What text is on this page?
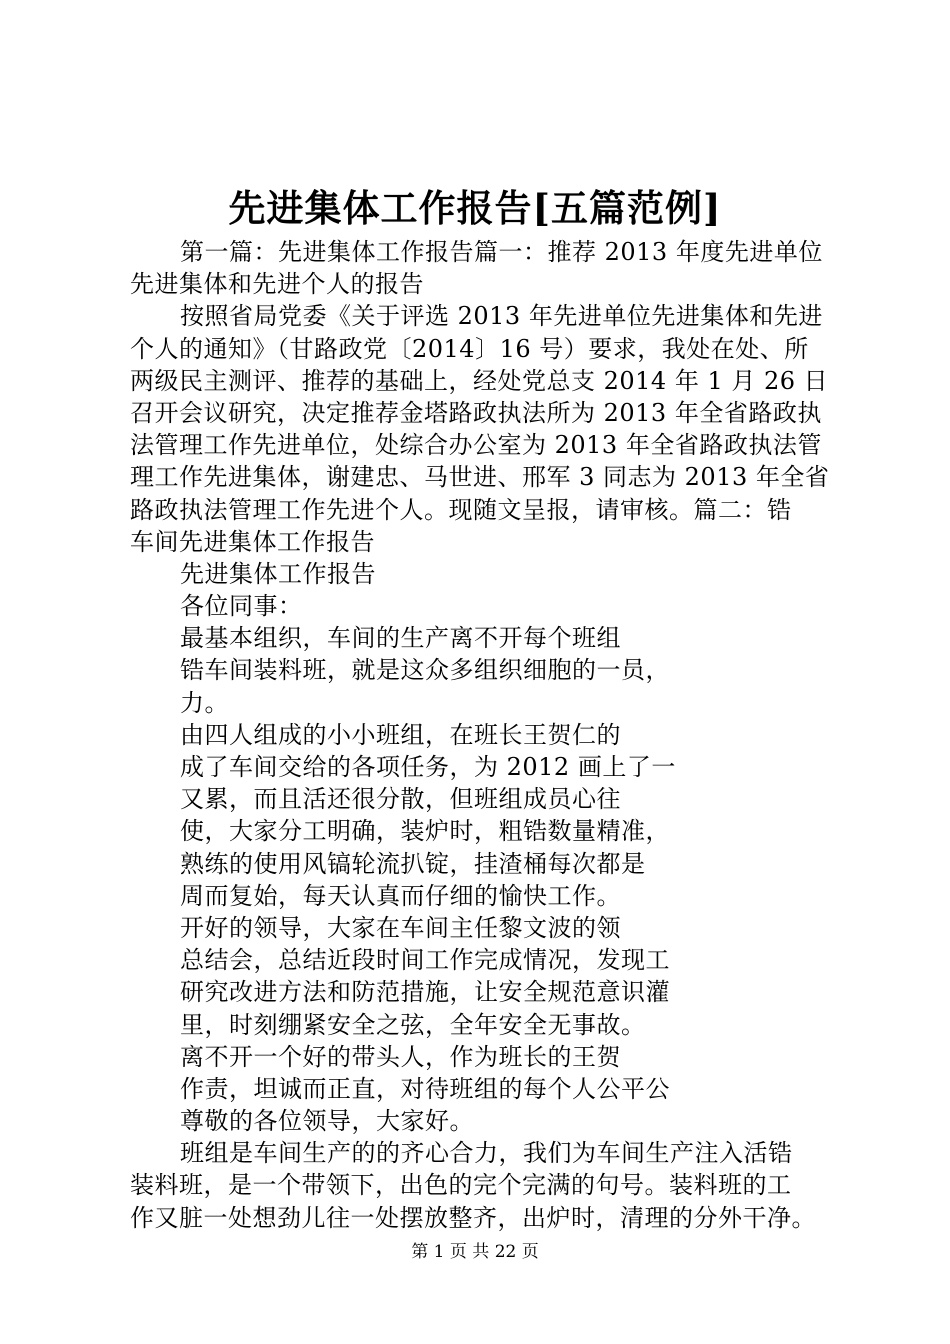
先进集体工作报告[五篇范例]
第一篇：先进集体工作报告篇一：推荐 2013 年度先进单位
先进集体和先进个人的报告
按照省局党委《关于评选 2013 年先进单位先进集体和先进
个人的通知》（甘路政党〔2014〕16 号）要求，我处在处、所
两级民主测评、推荐的基础上，经处党总支 2014 年 1 月 26 日
召开会议研究，决定推荐金塔路政执法所为 2013 年全省路政执
法管理工作先进单位，处综合办公室为 2013 年全省路政执法管
理工作先进集体，谢建忠、马世进、邢军 3 同志为 2013 年全省
路政执法管理工作先进个人。现随文呈报，请审核。篇二：锆
车间先进集体工作报告
先进集体工作报告
各位同事：
最基本组织，车间的生产离不开每个班组
锆车间装料班，就是这众多组织细胞的一员，
力。
由四人组成的小小班组，在班长王贺仁的
成了车间交给的各项任务，为 2012 画上了一
又累，而且活还很分散，但班组成员心往
使，大家分工明确，装炉时，粗锆数量精准，
熟练的使用风镐轮流扒锭，挂渣桶每次都是
周而复始，每天认真而仔细的愉快工作。
开好的领导，大家在车间主任黎文波的领
总结会，总结近段时间工作完成情况，发现工
研究改进方法和防范措施，让安全规范意识灌
里，时刻绷紧安全之弦，全年安全无事故。
离不开一个好的带头人，作为班长的王贺
作责，坦诚而正直，对待班组的每个人公平公
尊敬的各位领导，大家好。
班组是车间生产的的齐心合力，我们为车间生产注入活锆
装料班，是一个带领下，出色的完个完满的句号。装料班的工
作又脏一处想劲儿往一处摆放整齐，出炉时，清理的分外干净。
第 1 页 共 22 页
